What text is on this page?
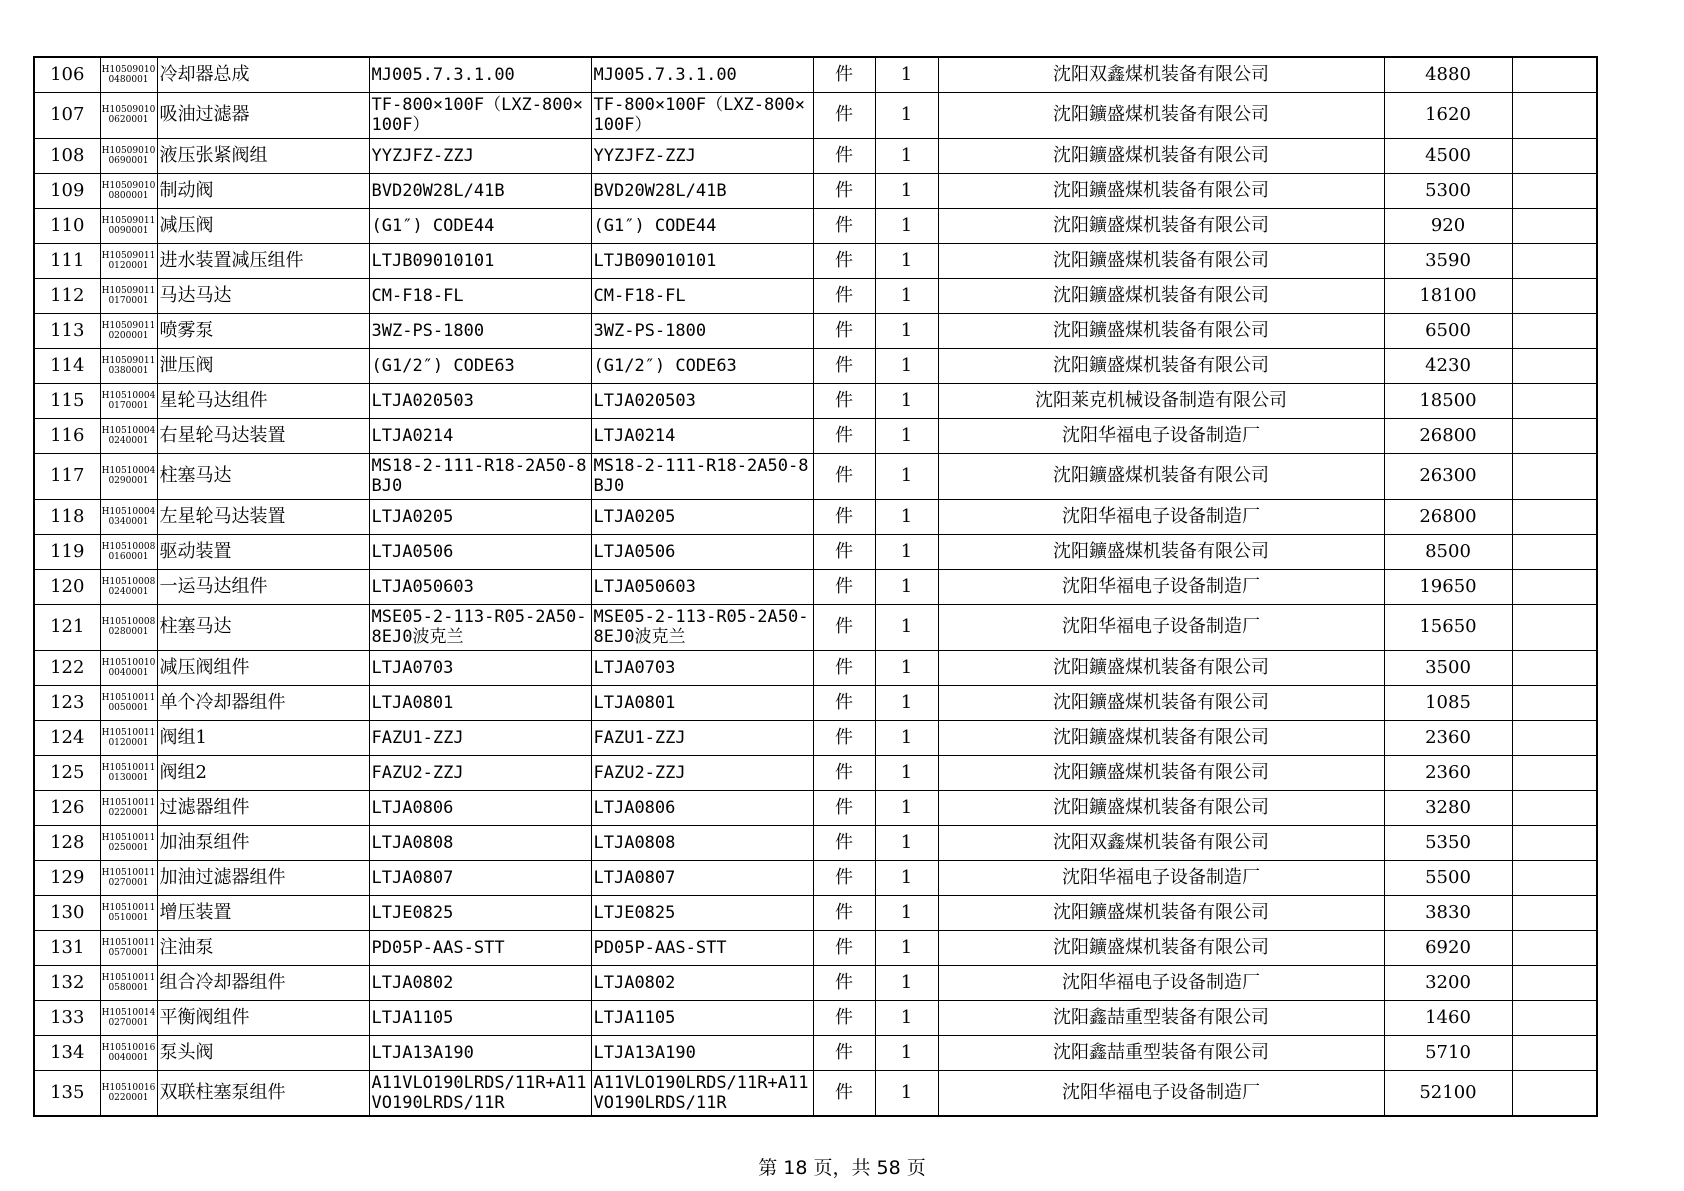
106	H105090100480001	冷却器总成	MJ005.7.3.1.00	MJ005.7.3.1.00	件	1	沈阳双鑫煤机装备有限公司	4880	
107	H105090100620001	吸油过滤器	TF-800×100F（LXZ-800×100F）	TF-800×100F（LXZ-800×100F）	件	1	沈阳鑛盛煤机装备有限公司	1620	
108	H105090100690001	液压张紧阀组	YYZJFZ-ZZJ	YYZJFZ-ZZJ	件	1	沈阳鑛盛煤机装备有限公司	4500	
109	H105090100800001	制动阀	BVD20W28L/41B	BVD20W28L/41B	件	1	沈阳鑛盛煤机装备有限公司	5300	
110	H105090110090001	减压阀	(G1″) CODE44	(G1″) CODE44	件	1	沈阳鑛盛煤机装备有限公司	920	
111	H105090110120001	进水装置减压组件	LTJB09010101	LTJB09010101	件	1	沈阳鑛盛煤机装备有限公司	3590	
112	H105090110170001	马达马达	CM-F18-FL	CM-F18-FL	件	1	沈阳鑛盛煤机装备有限公司	18100	
113	H105090110200001	喷雾泵	3WZ-PS-1800	3WZ-PS-1800	件	1	沈阳鑛盛煤机装备有限公司	6500	
114	H105090110380001	泄压阀	(G1/2″) CODE63	(G1/2″) CODE63	件	1	沈阳鑛盛煤机装备有限公司	4230	
115	H105100040170001	星轮马达组件	LTJA020503	LTJA020503	件	1	沈阳莱克机械设备制造有限公司	18500	
116	H105100040240001	右星轮马达装置	LTJA0214	LTJA0214	件	1	沈阳华福电子设备制造厂	26800	
117	H105100040290001	柱塞马达	MS18-2-111-R18-2A50-8BJ0	MS18-2-111-R18-2A50-8BJ0	件	1	沈阳鑛盛煤机装备有限公司	26300	
118	H105100040340001	左星轮马达装置	LTJA0205	LTJA0205	件	1	沈阳华福电子设备制造厂	26800	
119	H105100080160001	驱动装置	LTJA0506	LTJA0506	件	1	沈阳鑛盛煤机装备有限公司	8500	
120	H105100080240001	一运马达组件	LTJA050603	LTJA050603	件	1	沈阳华福电子设备制造厂	19650	
121	H105100080280001	柱塞马达	MSE05-2-113-R05-2A50-8EJ0波克兰	MSE05-2-113-R05-2A50-8EJ0波克兰	件	1	沈阳华福电子设备制造厂	15650	
122	H105100100040001	减压阀组件	LTJA0703	LTJA0703	件	1	沈阳鑛盛煤机装备有限公司	3500	
123	H105100110050001	单个冷却器组件	LTJA0801	LTJA0801	件	1	沈阳鑛盛煤机装备有限公司	1085	
124	H105100110120001	阀组1	FAZU1-ZZJ	FAZU1-ZZJ	件	1	沈阳鑛盛煤机装备有限公司	2360	
125	H105100110130001	阀组2	FAZU2-ZZJ	FAZU2-ZZJ	件	1	沈阳鑛盛煤机装备有限公司	2360	
126	H105100110220001	过滤器组件	LTJA0806	LTJA0806	件	1	沈阳鑛盛煤机装备有限公司	3280	
128	H105100110250001	加油泵组件	LTJA0808	LTJA0808	件	1	沈阳双鑫煤机装备有限公司	5350	
129	H105100110270001	加油过滤器组件	LTJA0807	LTJA0807	件	1	沈阳华福电子设备制造厂	5500	
130	H105100110510001	增压装置	LTJE0825	LTJE0825	件	1	沈阳鑛盛煤机装备有限公司	3830	
131	H105100110570001	注油泵	PD05P-AAS-STT	PD05P-AAS-STT	件	1	沈阳鑛盛煤机装备有限公司	6920	
132	H105100110580001	组合冷却器组件	LTJA0802	LTJA0802	件	1	沈阳华福电子设备制造厂	3200	
133	H105100140270001	平衡阀组件	LTJA1105	LTJA1105	件	1	沈阳鑫喆重型装备有限公司	1460	
134	H105100160040001	泵头阀	LTJA13A190	LTJA13A190	件	1	沈阳鑫喆重型装备有限公司	5710	
135	H105100160220001	双联柱塞泵组件	A11VLO190LRDS/11R+A11VO190LRDS/11R	A11VLO190LRDS/11R+A11VO190LRDS/11R	件	1	沈阳华福电子设备制造厂	52100	
第 18 页，共 58 页
